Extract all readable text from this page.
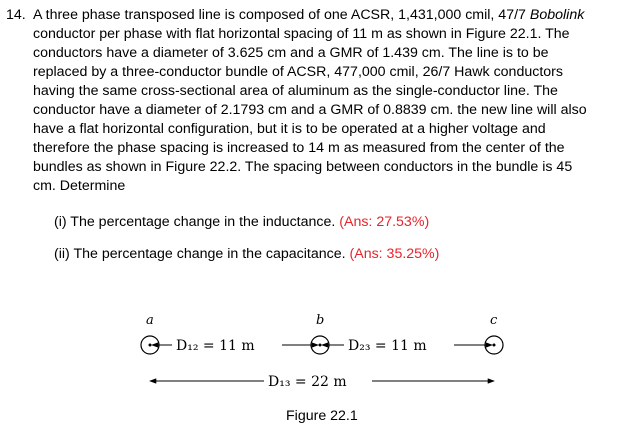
14. A three phase transposed line is composed of one ACSR, 1,431,000 cmil, 47/7 Bobolink
conductor per phase with flat horizontal spacing of 11 m as shown in Figure 22.1. The
conductors have a diameter of 3.625 cm and a GMR of 1.439 cm. The line is to be
replaced by a three-conductor bundle of ACSR, 477,000 cmil, 26/7 Hawk conductors
having the same cross-sectional area of aluminum as the single-conductor line. The
conductor have a diameter of 2.1793 cm and a GMR of 0.8839 cm. the new line will also
have a flat horizontal configuration, but it is to be operated at a higher voltage and
therefore the phase spacing is increased to 14 m as measured from the center of the
bundles as shown in Figure 22.2. The spacing between conductors in the bundle is 45
cm. Determine
(i) The percentage change in the inductance. (Ans: 27.53%)
(ii) The percentage change in the capacitance. (Ans: 35.25%)
a	b	c
D₁₂ = 11 m	D₂₃ = 11 m
D₁₃ = 22 m
Figure 22.1
